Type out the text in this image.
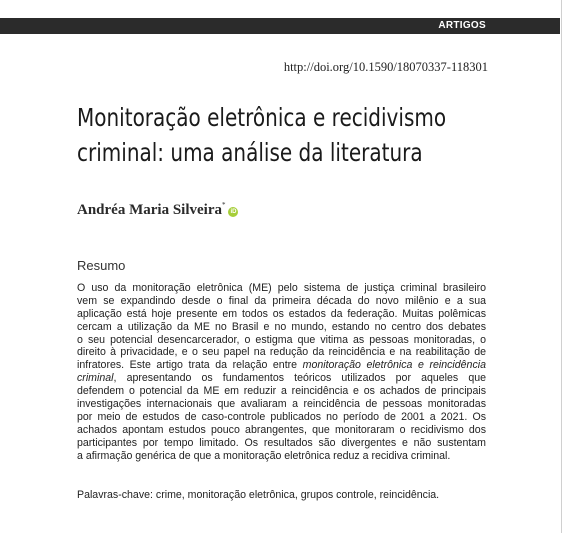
ARTIGOS
http://doi.org/10.1590/18070337-118301
Monitoração eletrônica e recidivismo
criminal: uma análise da literatura
Andréa Maria Silveira*iD
Resumo
O uso da monitoração eletrônica (ME) pelo sistema de justiça criminal brasileiro
vem se expandindo desde o final da primeira década do novo milênio e a sua
aplicação está hoje presente em todos os estados da federação. Muitas polêmicas
cercam a utilização da ME no Brasil e no mundo, estando no centro dos debates
o seu potencial desencarcerador, o estigma que vitima as pessoas monitoradas, o
direito à privacidade, e o seu papel na redução da reincidência e na reabilitação de
infratores. Este artigo trata da relação entre monitoração eletrônica e reincidência
criminal, apresentando os fundamentos teóricos utilizados por aqueles que
defendem o potencial da ME em reduzir a reincidência e os achados de principais
investigações internacionais que avaliaram a reincidência de pessoas monitoradas
por meio de estudos de caso-controle publicados no período de 2001 a 2021. Os
achados apontam estudos pouco abrangentes, que monitoraram o recidivismo dos
participantes por tempo limitado. Os resultados são divergentes e não sustentam
a afirmação genérica de que a monitoração eletrônica reduz a recidiva criminal.
Palavras-chave: crime, monitoração eletrônica, grupos controle, reincidência.
